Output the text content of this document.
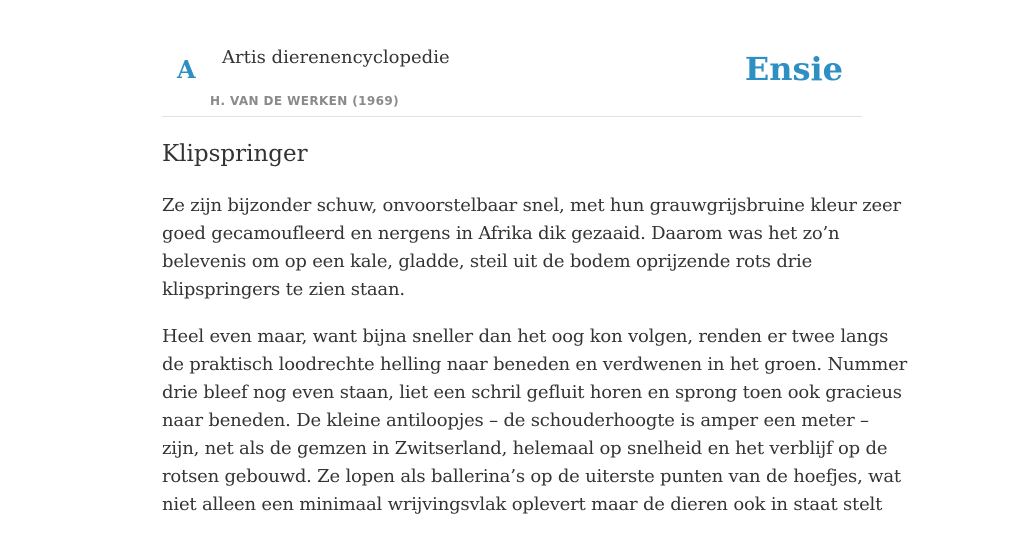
A Artis dierenencyclopedie
H. VAN DE WERKEN (1969)
Ensie
Klipspringer

Ze zijn bijzonder schuw, onvoorstelbaar snel, met hun grauwgrijsbruine kleur zeer
goed gecamoufleerd en nergens in Afrika dik gezaaid. Daarom was het zo’n
belevenis om op een kale, gladde, steil uit de bodem oprijzende rots drie
klipspringers te zien staan.

Heel even maar, want bijna sneller dan het oog kon volgen, renden er twee langs
de praktisch loodrechte helling naar beneden en verdwenen in het groen. Nummer
drie bleef nog even staan, liet een schril gefluit horen en sprong toen ook gracieus
naar beneden. De kleine antiloopjes – de schouderhoogte is amper een meter –
zijn, net als de gemzen in Zwitserland, helemaal op snelheid en het verblijf op de
rotsen gebouwd. Ze lopen als ballerina’s op de uiterste punten van de hoefjes, wat
niet alleen een minimaal wrijvingsvlak oplevert maar de dieren ook in staat stelt
